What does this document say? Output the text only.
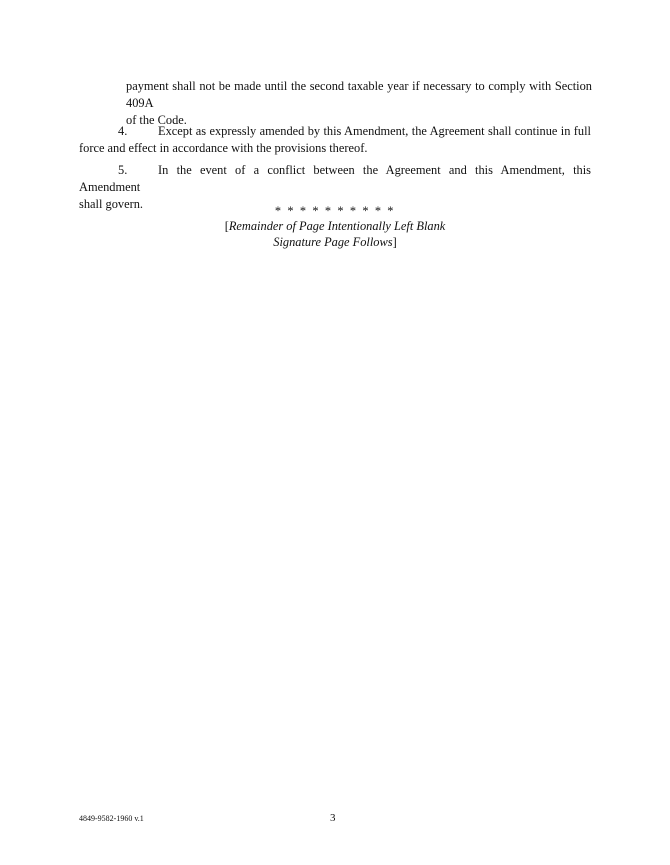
payment shall not be made until the second taxable year if necessary to comply with Section 409A
of the Code.
4. Except as expressly amended by this Amendment, the Agreement shall continue in full
force and effect in accordance with the provisions thereof.
5. In the event of a conflict between the Agreement and this Amendment, this Amendment
shall govern.	* * * * * * * * * *
[Remainder of Page Intentionally Left Blank
Signature Page Follows]
4849-9582-1960 v.1	3
